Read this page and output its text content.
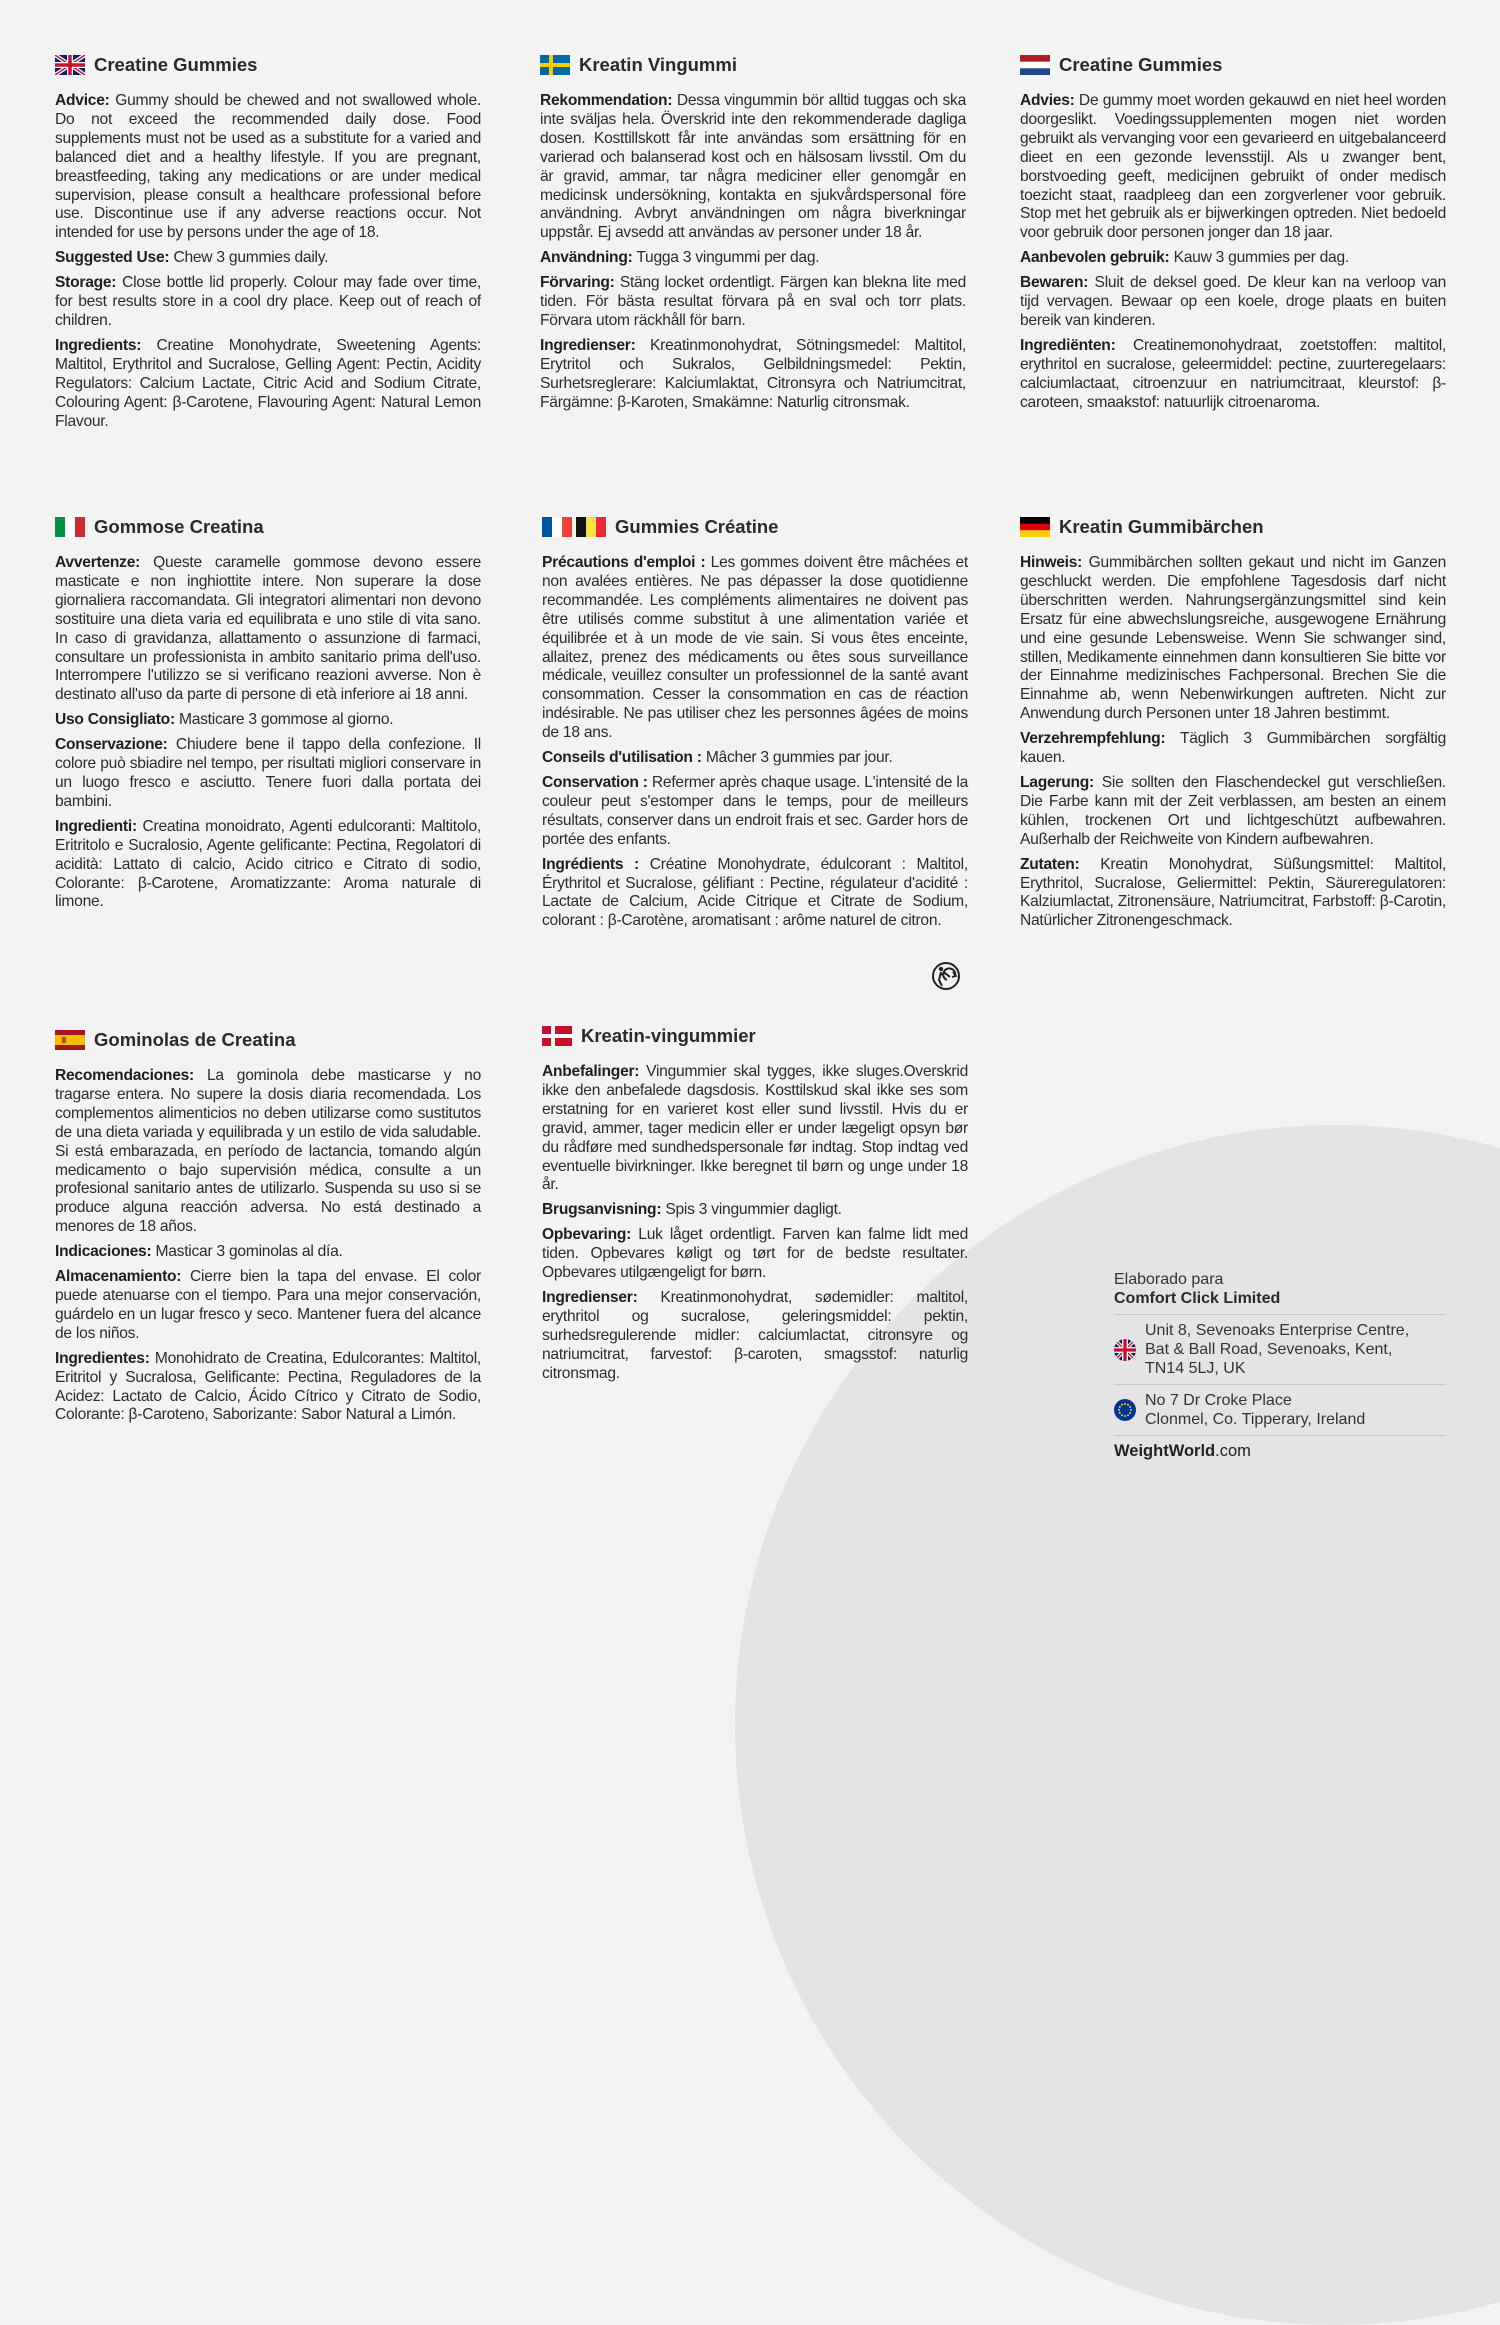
Creatine Gummies
Advice: Gummy should be chewed and not swallowed whole. Do not exceed the recommended daily dose. Food supplements must not be used as a substitute for a varied and balanced diet and a healthy lifestyle. If you are pregnant, breastfeeding, taking any medications or are under medical supervision, please consult a healthcare professional before use. Discontinue use if any adverse reactions occur. Not intended for use by persons under the age of 18.
Suggested Use: Chew 3 gummies daily.
Storage: Close bottle lid properly. Colour may fade over time, for best results store in a cool dry place. Keep out of reach of children.
Ingredients: Creatine Monohydrate, Sweetening Agents: Maltitol, Erythritol and Sucralose, Gelling Agent: Pectin, Acidity Regulators: Calcium Lactate, Citric Acid and Sodium Citrate, Colouring Agent: β-Carotene, Flavouring Agent: Natural Lemon Flavour.
Kreatin Vingummi
Rekommendation: Dessa vingummin bör alltid tuggas och ska inte sväljas hela. Överskrid inte den rekommenderade dagliga dosen. Kosttillskott får inte användas som ersättning för en varierad och balanserad kost och en hälsosam livsstil. Om du är gravid, ammar, tar några mediciner eller genomgår en medicinsk undersökning, kontakta en sjukvårdspersonal före användning. Avbryt användningen om några biverkningar uppstår. Ej avsedd att användas av personer under 18 år.
Användning: Tugga 3 vingummi per dag.
Förvaring: Stäng locket ordentligt. Färgen kan blekna lite med tiden. För bästa resultat förvara på en sval och torr plats. Förvara utom räckhåll för barn.
Ingredienser: Kreatinmonohydrat, Sötningsmedel: Maltitol, Erytritol och Sukralos, Gelbildningsmedel: Pektin, Surhetsreglerare: Kalciumlaktat, Citronsyra och Natriumcitrat, Färgämne: β-Karoten, Smakämne: Naturlig citronsmak.
Creatine Gummies
Advies: De gummy moet worden gekauwd en niet heel worden doorgeslikt. Voedingssupplementen mogen niet worden gebruikt als vervanging voor een gevarieerd en uitgebalanceerd dieet en een gezonde levensstijl. Als u zwanger bent, borstvoeding geeft, medicijnen gebruikt of onder medisch toezicht staat, raadpleeg dan een zorgverlener voor gebruik. Stop met het gebruik als er bijwerkingen optreden. Niet bedoeld voor gebruik door personen jonger dan 18 jaar.
Aanbevolen gebruik: Kauw 3 gummies per dag.
Bewaren: Sluit de deksel goed. De kleur kan na verloop van tijd vervagen. Bewaar op een koele, droge plaats en buiten bereik van kinderen.
Ingrediënten: Creatinemonohydraat, zoetstoffen: maltitol, erythritol en sucralose, geleermiddel: pectine, zuurteregelaars: calciumlactaat, citroenzuur en natriumcitraat, kleurstof: β-caroteen, smaakstof: natuurlijk citroenaroma.
Gommose Creatina
Avvertenze: Queste caramelle gommose devono essere masticate e non inghiottite intere. Non superare la dose giornaliera raccomandata. Gli integratori alimentari non devono sostituire una dieta varia ed equilibrata e uno stile di vita sano. In caso di gravidanza, allattamento o assunzione di farmaci, consultare un professionista in ambito sanitario prima dell'uso. Interrompere l'utilizzo se si verificano reazioni avverse. Non è destinato all'uso da parte di persone di età inferiore ai 18 anni.
Uso Consigliato: Masticare 3 gommose al giorno.
Conservazione: Chiudere bene il tappo della confezione. Il colore può sbiadire nel tempo, per risultati migliori conservare in un luogo fresco e asciutto. Tenere fuori dalla portata dei bambini.
Ingredienti: Creatina monoidrato, Agenti edulcoranti: Maltitolo, Eritritolo e Sucralosio, Agente gelificante: Pectina, Regolatori di acidità: Lattato di calcio, Acido citrico e Citrato di sodio, Colorante: β-Carotene, Aromatizzante: Aroma naturale di limone.
Gummies Créatine
Précautions d'emploi : Les gommes doivent être mâchées et non avalées entières. Ne pas dépasser la dose quotidienne recommandée. Les compléments alimentaires ne doivent pas être utilisés comme substitut à une alimentation variée et équilibrée et à un mode de vie sain. Si vous êtes enceinte, allaitez, prenez des médicaments ou êtes sous surveillance médicale, veuillez consulter un professionnel de la santé avant consommation. Cesser la consommation en cas de réaction indésirable. Ne pas utiliser chez les personnes âgées de moins de 18 ans.
Conseils d'utilisation : Mâcher 3 gummies par jour.
Conservation : Refermer après chaque usage. L'intensité de la couleur peut s'estomper dans le temps, pour de meilleurs résultats, conserver dans un endroit frais et sec. Garder hors de portée des enfants.
Ingrédients : Créatine Monohydrate, édulcorant : Maltitol, Érythritol et Sucralose, gélifiant : Pectine, régulateur d'acidité : Lactate de Calcium, Acide Citrique et Citrate de Sodium, colorant : β-Carotène, aromatisant : arôme naturel de citron.
Kreatin Gummibärchen
Hinweis: Gummibärchen sollten gekaut und nicht im Ganzen geschluckt werden. Die empfohlene Tagesdosis darf nicht überschritten werden. Nahrungsergänzungsmittel sind kein Ersatz für eine abwechslungsreiche, ausgewogene Ernährung und eine gesunde Lebensweise. Wenn Sie schwanger sind, stillen, Medikamente einnehmen dann konsultieren Sie bitte vor der Einnahme medizinisches Fachpersonal. Brechen Sie die Einnahme ab, wenn Nebenwirkungen auftreten. Nicht zur Anwendung durch Personen unter 18 Jahren bestimmt.
Verzehrempfehlung: Täglich 3 Gummibärchen sorgfältig kauen.
Lagerung: Sie sollten den Flaschendeckel gut verschließen. Die Farbe kann mit der Zeit verblassen, am besten an einem kühlen, trockenen Ort und lichtgeschützt aufbewahren. Außerhalb der Reichweite von Kindern aufbewahren.
Zutaten: Kreatin Monohydrat, Süßungsmittel: Maltitol, Erythritol, Sucralose, Geliermittel: Pektin, Säureregulatoren: Kalziumlactat, Zitronensäure, Natriumcitrat, Farbstoff: β-Carotin, Natürlicher Zitronengeschmack.
Gominolas de Creatina
Recomendaciones: La gominola debe masticarse y no tragarse entera. No supere la dosis diaria recomendada. Los complementos alimenticios no deben utilizarse como sustitutos de una dieta variada y equilibrada y un estilo de vida saludable. Si está embarazada, en período de lactancia, tomando algún medicamento o bajo supervisión médica, consulte a un profesional sanitario antes de utilizarlo. Suspenda su uso si se produce alguna reacción adversa. No está destinado a menores de 18 años.
Indicaciones: Masticar 3 gominolas al día.
Almacenamiento: Cierre bien la tapa del envase. El color puede atenuarse con el tiempo. Para una mejor conservación, guárdelo en un lugar fresco y seco. Mantener fuera del alcance de los niños.
Ingredientes: Monohidrato de Creatina, Edulcorantes: Maltitol, Eritritol y Sucralosa, Gelificante: Pectina, Reguladores de la Acidez: Lactato de Calcio, Ácido Cítrico y Citrato de Sodio, Colorante: β-Caroteno, Saborizante: Sabor Natural a Limón.
Kreatin-vingummier
Anbefalinger: Vingummier skal tygges, ikke sluges.Overskrid ikke den anbefalede dagsdosis. Kosttilskud skal ikke ses som erstatning for en varieret kost eller sund livsstil. Hvis du er gravid, ammer, tager medicin eller er under lægeligt opsyn bør du rådføre med sundhedspersonale før indtag. Stop indtag ved eventuelle bivirkninger. Ikke beregnet til børn og unge under 18 år.
Brugsanvisning: Spis 3 vingummier dagligt.
Opbevaring: Luk låget ordentligt. Farven kan falme lidt med tiden. Opbevares køligt og tørt for de bedste resultater. Opbevares utilgængeligt for børn.
Ingredienser: Kreatinmonohydrat, sødemidler: maltitol, erythritol og sucralose, geleringsmiddel: pektin, surhedsregulerende midler: calciumlactat, citronsyre og natriumcitrat, farvestof: β-caroten, smagsstof: naturlig citronsmag.
Elaborado para
Comfort Click Limited
Unit 8, Sevenoaks Enterprise Centre,
Bat & Ball Road, Sevenoaks, Kent,
TN14 5LJ, UK
No 7 Dr Croke Place
Clonmel, Co. Tipperary, Ireland
WeightWorld.com
